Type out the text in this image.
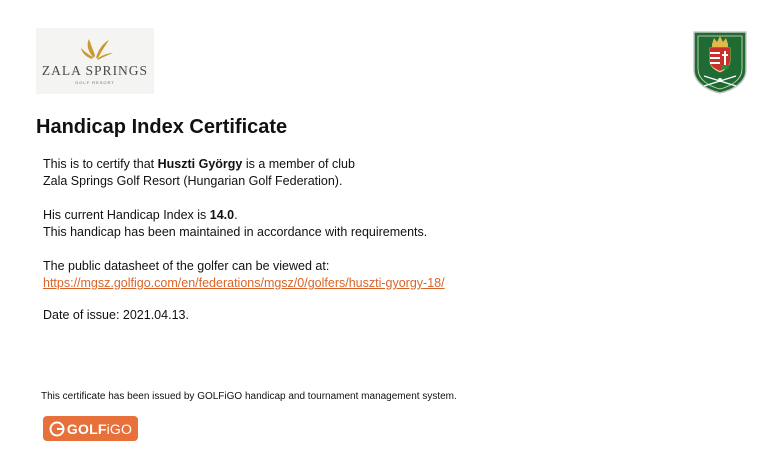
ZALA SPRINGS
GOLF RESORT
Handicap Index Certificate
This is to certify that Huszti György is a member of club
Zala Springs Golf Resort (Hungarian Golf Federation).
His current Handicap Index is 14.0.
This handicap has been maintained in accordance with requirements.
The public datasheet of the golfer can be viewed at:
https://mgsz.golfigo.com/en/federations/mgsz/0/golfers/huszti-gyorgy-18/
Date of issue: 2021.04.13.
This certificate has been issued by GOLFiGO handicap and tournament management system.
GOLFiGO
